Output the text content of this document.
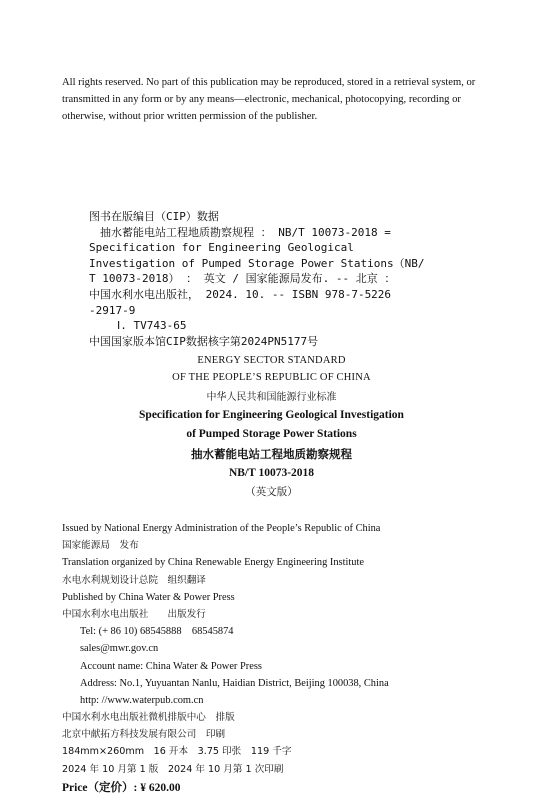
All rights reserved. No part of this publication may be reproduced, stored in a retrieval system, or transmitted in any form or by any means—electronic, mechanical, photocopying, recording or otherwise, without prior written permission of the publisher.

图书在版编目（CIP）数据
抽水蓄能电站工程地质勘察规程 ： NB/T 10073-2018 =
Specification for Engineering Geological
Investigation of Pumped Storage Power Stations（NB/
T 10073-2018） ： 英文 / 国家能源局发布. -- 北京 ：
中国水利水电出版社， 2024. 10. -- ISBN 978-7-5226
-2917-9
Ⅰ. TV743-65
中国国家版本馆CIP数据核字第2024PN5177号
ENERGY SECTOR STANDARD
OF THE PEOPLE’S REPUBLIC OF CHINA
中华人民共和国能源行业标准
Specification for Engineering Geological Investigation
of Pumped Storage Power Stations
抽水蓄能电站工程地质勘察规程
NB/T 10073-2018
（英文版）
Issued by National Energy Administration of the People’s Republic of China
国家能源局　发布
Translation organized by China Renewable Energy Engineering Institute
水电水利规划设计总院　组织翻译
Published by China Water & Power Press
中国水利水电出版社　　出版发行
Tel: (+ 86 10) 68545888　68545874
sales@mwr.gov.cn
Account name: China Water & Power Press
Address: No.1, Yuyuantan Nanlu, Haidian District, Beijing 100038, China
http: //www.waterpub.com.cn
中国水利水电出版社微机排版中心　排版
北京中献拓方科技发展有限公司　印刷
184mm×260mm　16 开本　3.75 印张　119 千字
2024 年 10 月第 1 版　2024 年 10 月第 1 次印刷
Price（定价）: ¥ 620.00
